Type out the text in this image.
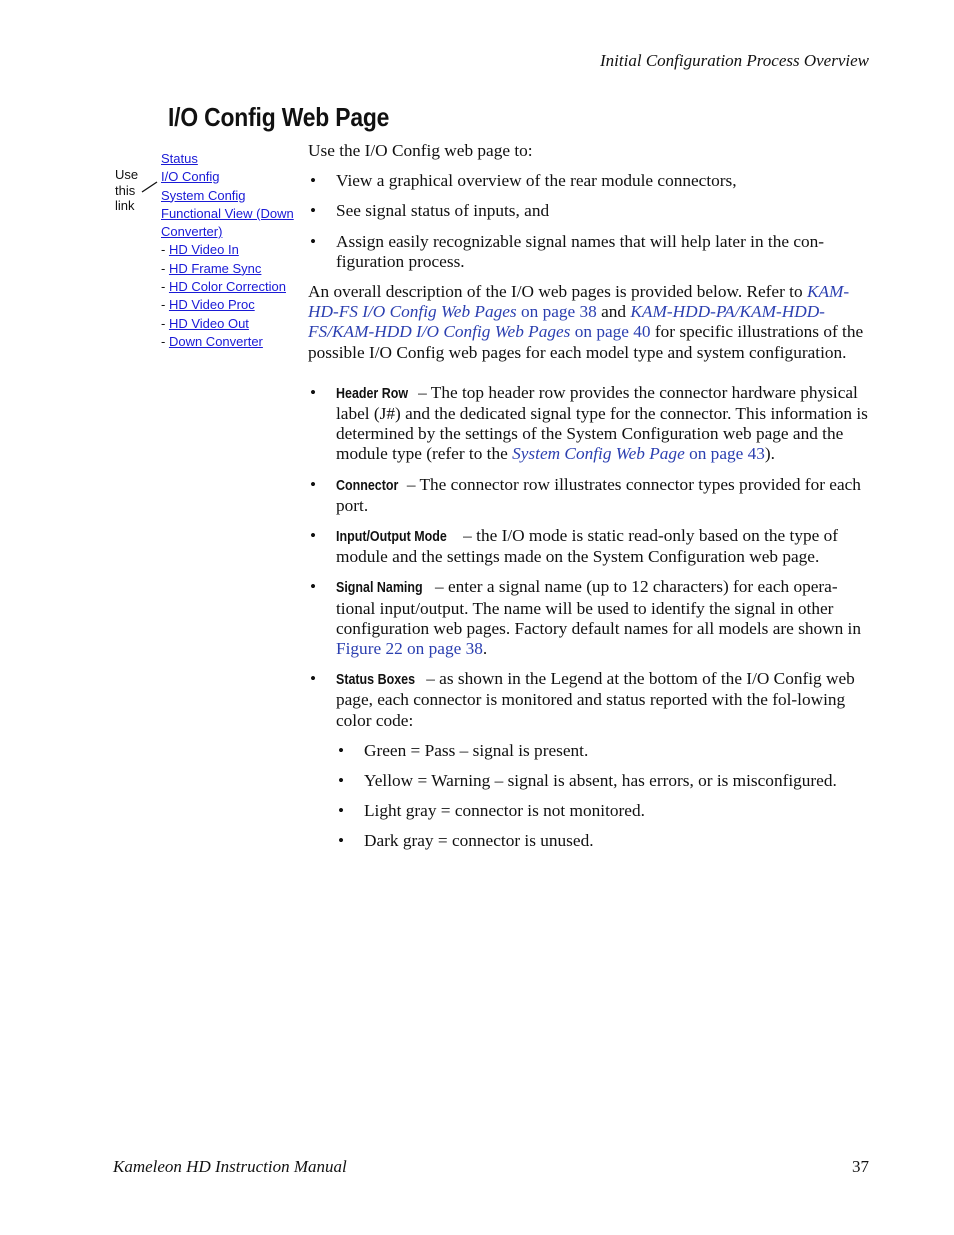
Initial Configuration Process Overview
I/O Config Web Page
Use
this
link
Status
I/O Config
System Config
Functional View (Down
Converter)
- HD Video In
- HD Frame Sync
- HD Color Correction
- HD Video Proc
- HD Video Out
- Down Converter

Use the I/O Config web page to:

• View a graphical overview of the rear module connectors,
• See signal status of inputs, and
• Assign easily recognizable signal names that will help later in the con-figuration process.

An overall description of the I/O web pages is provided below. Refer to KAM-HD-FS I/O Config Web Pages on page 38 and KAM-HDD-PA/KAM-HDD-FS/KAM-HDD I/O Config Web Pages on page 40 for specific illustrations of the possible I/O Config web pages for each model type and system configuration.

• Header Row – The top header row provides the connector hardware physical label (J#) and the dedicated signal type for the connector. This information is determined by the settings of the System Configuration web page and the module type (refer to the System Config Web Page on page 43).
• Connector – The connector row illustrates connector types provided for each port.
• Input/Output Mode – the I/O mode is static read-only based on the type of module and the settings made on the System Configuration web page.
• Signal Naming – enter a signal name (up to 12 characters) for each opera-tional input/output. The name will be used to identify the signal in other configuration web pages. Factory default names for all models are shown in Figure 22 on page 38.
• Status Boxes – as shown in the Legend at the bottom of the I/O Config web page, each connector is monitored and status reported with the fol-lowing color code:
• Green = Pass – signal is present.
• Yellow = Warning – signal is absent, has errors, or is misconfigured.
• Light gray = connector is not monitored.
• Dark gray = connector is unused.
Kameleon HD Instruction Manual	37
